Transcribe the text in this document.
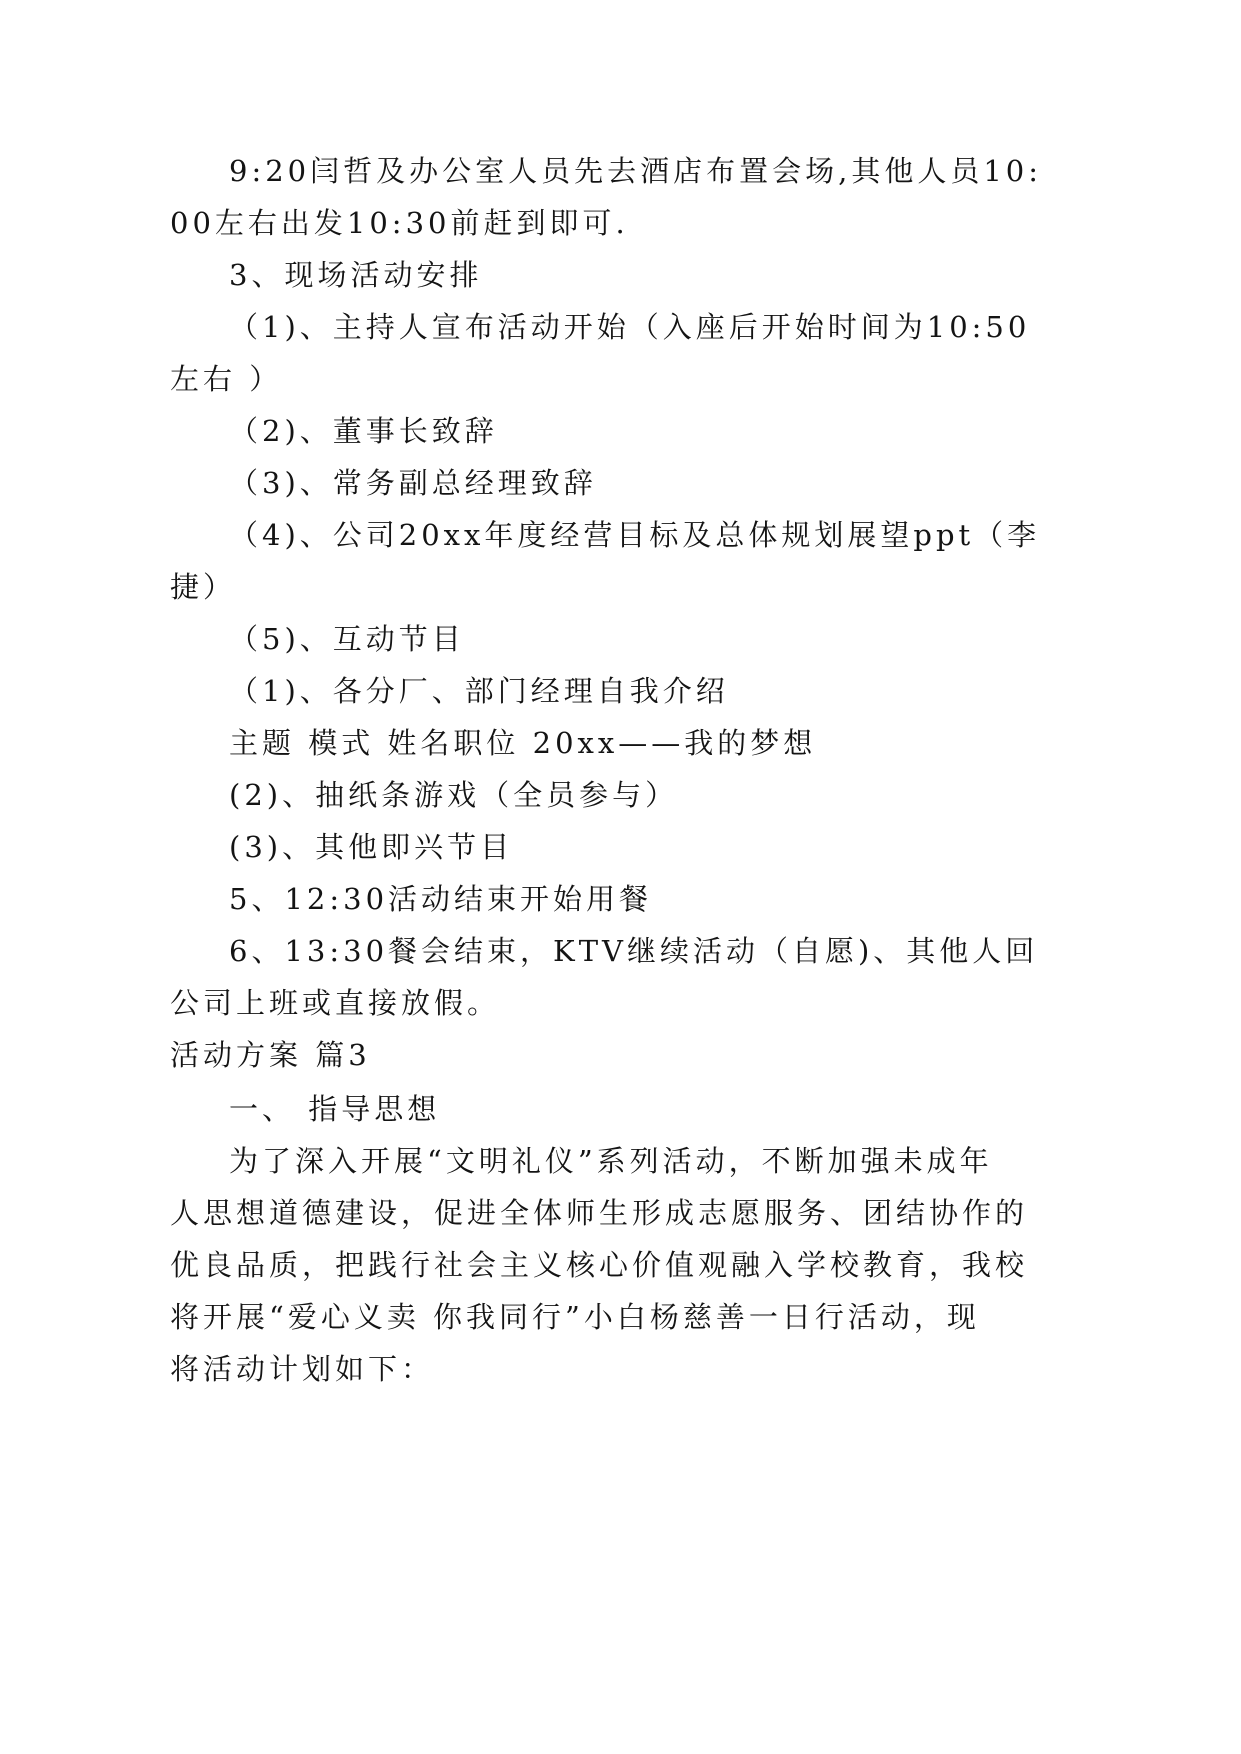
9:20闫哲及办公室人员先去酒店布置会场,其他人员10:
00左右出发10:30前赶到即可.
3、现场活动安排
（1)、主持人宣布活动开始（入座后开始时间为10:50
左右 ）
（2)、董事长致辞
（3)、常务副总经理致辞
（4)、公司20xx年度经营目标及总体规划展望ppt（李
捷）
（5)、互动节目
（1)、各分厂、部门经理自我介绍
主题 模式 姓名职位 20xx——我的梦想
(2)、抽纸条游戏（全员参与）
(3)、其他即兴节目
5、12:30活动结束开始用餐
6、13:30餐会结束，KTV继续活动（自愿)、其他人回
公司上班或直接放假。
活动方案 篇3
一、 指导思想
为了深入开展“文明礼仪”系列活动，不断加强未成年
人思想道德建设，促进全体师生形成志愿服务、团结协作的
优良品质，把践行社会主义核心价值观融入学校教育，我校
将开展“爱心义卖 你我同行”小白杨慈善一日行活动，现
将活动计划如下：
